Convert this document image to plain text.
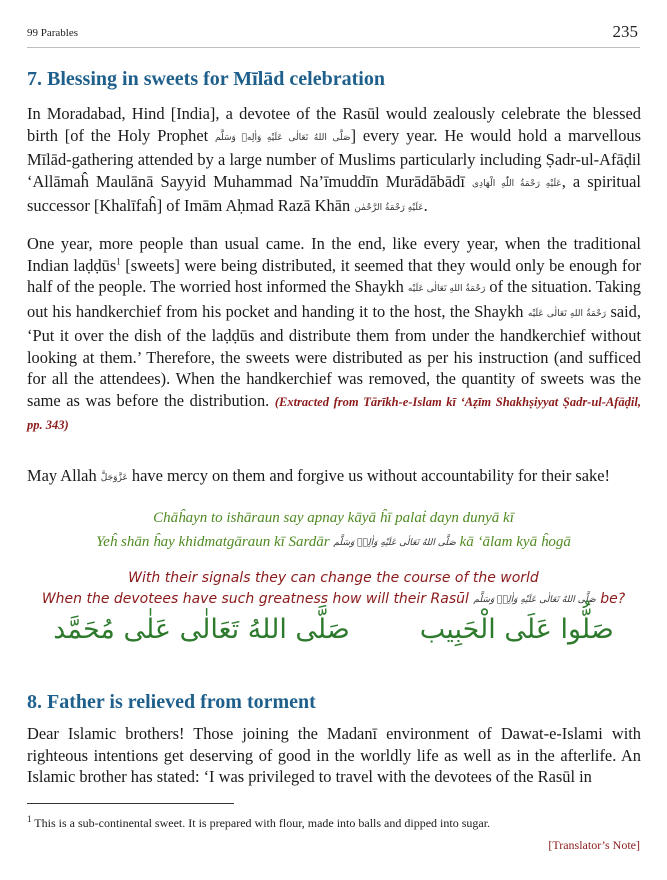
99 Parables	235
7. Blessing in sweets for Mīlād celebration
In Moradabad, Hind [India], a devotee of the Rasūl would zealously celebrate the blessed birth [of the Holy Prophet صَلَّى اللهُ تَعَالٰى عَلَيْهِ وَاٰلِهٖ وَسَلَّم] every year. He would hold a marvellous Mīlād-gathering attended by a large number of Muslims particularly including Ṣadr-ul-Afāḍil ‘Allāmaĥ Maulānā Sayyid Muhammad Na’īmuddīn Murādābādī عَلَيْهِ رَحْمَةُ اللّٰهِ الْهَادِى, a spiritual successor [Khalīfaĥ] of Imām Aḥmad Razā Khān عَلَيْهِ رَحْمَةُ الرَّحْمٰن.
One year, more people than usual came. In the end, like every year, when the traditional Indian laḍḍūs$^1$ [sweets] were being distributed, it seemed that they would only be enough for half of the people. The worried host informed the Shaykh رَحْمَةُ اللهِ تَعَالٰى عَلَيْه of the situation. Taking out his handkerchief from his pocket and handing it to the host, the Shaykh رَحْمَةُ اللهِ تَعَالٰى عَلَيْه said, ‘Put it over the dish of the laḍḍūs and distribute them from under the handkerchief without looking at them.’ Therefore, the sweets were distributed as per his instruction (and sufficed for all the attendees). When the handkerchief was removed, the quantity of sweets was the same as was before the distribution. (Extracted from Tārīkh-e-Islam kī ‘Aẓīm Shakhṣiyyat Ṣadr-ul-Afāḍil, pp. 343)
May Allah عَزَّوَجَلَّ have mercy on them and forgive us without accountability for their sake!
Chāĥayn to ishāraun say apnay kāyā ĥī palaṫ dayn dunyā kī
Yeĥ shān ĥay khidmatgāraun kī Sardār صَلَّى اللهُ تَعَالٰى عَلَيْهِ وَاٰلِهٖ وَسَلَّم kā ‘ālam kyā ĥogā
With their signals they can change the course of the world
When the devotees have such greatness how will their Rasūl صَلَّى اللهُ تَعَالٰى عَلَيْهِ وَاٰلِهٖ وَسَلَّم be?
صَلُّوا عَلَى الْحَبِيب
صَلَّى اللهُ تَعَالٰى عَلٰى مُحَمَّد
8. Father is relieved from torment
Dear Islamic brothers! Those joining the Madanī environment of Dawat-e-Islami with righteous intentions get deserving of good in the worldly life as well as in the afterlife. An Islamic brother has stated: ‘I was privileged to travel with the devotees of the Rasūl in
$^1$ This is a sub-continental sweet. It is prepared with flour, made into balls and dipped into sugar.
[Translator’s Note]
